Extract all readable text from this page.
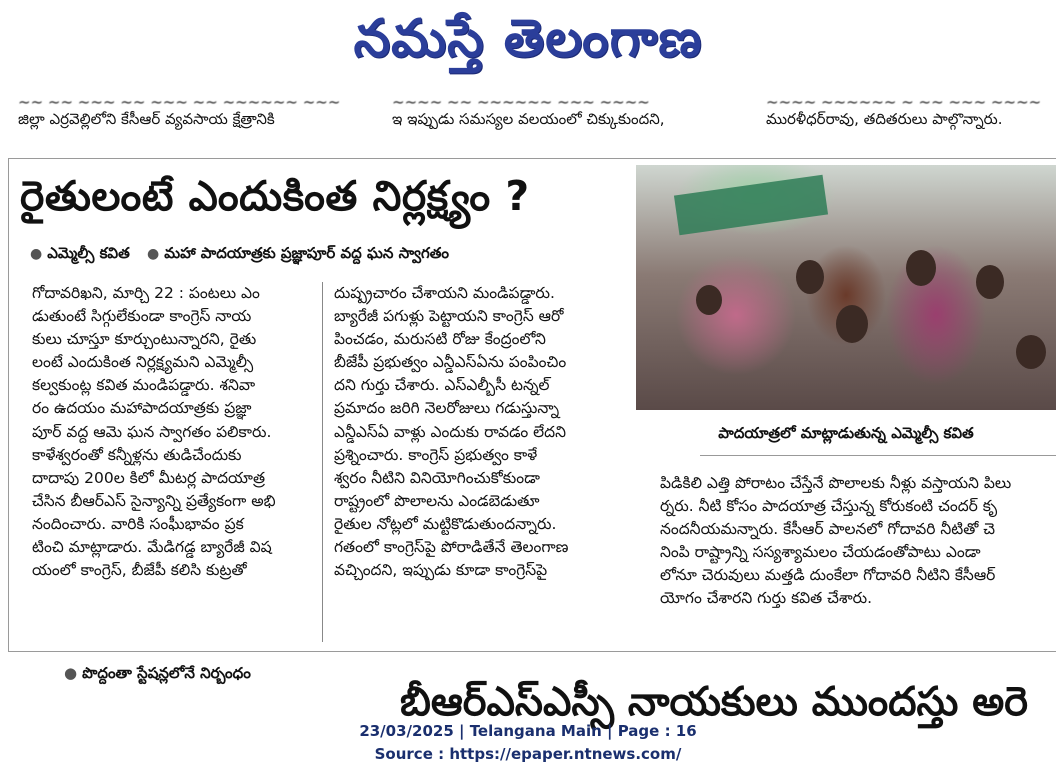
నమస్తే తెలంగాణ
~~ ~~ ~~~ ~~ ~~~ ~~ ~~~~~~ ~~~
జిల్లా ఎర్రవెల్లిలోని కేసీఆర్ వ్యవసాయ క్షేత్రానికి
~~~~ ~~ ~~~~~~ ~~~ ~~~~
ఇ ఇప్పుడు సమస్యల వలయంలో చిక్కుకుందని,
~~~~ ~~~~~~ ~ ~~ ~~~ ~~~~
మురళీధర్‌రావు, తదితరులు పాల్గొన్నారు.
రైతులంటే ఎందుకింత నిర్లక్ష్యం ?
● ఎమ్మెల్సీ కవిత ● మహా పాదయాత్రకు ప్రజ్ఞాపూర్ వద్ద ఘన స్వాగతం
గోదావరిఖని, మార్చి 22 : పంటలు ఎం
డుతుంటే సిగ్గులేకుండా కాంగ్రెస్ నాయ
కులు చూస్తూ కూర్చుంటున్నారని, రైతు
లంటే ఎందుకింత నిర్లక్ష్యమని ఎమ్మెల్సీ
కల్వకుంట్ల కవిత మండిపడ్డారు. శనివా
రం ఉదయం మహాపాదయాత్రకు ప్రజ్ఞా
పూర్ వద్ద ఆమె ఘన స్వాగతం పలికారు.
కాళేశ్వరంతో కన్నీళ్లను తుడిచేందుకు
దాదాపు 200ల కిలో మీటర్ల పాదయాత్ర
చేసిన బీఆర్ఎస్ సైన్యాన్ని ప్రత్యేకంగా అభి
నందించారు. వారికి సంఘీభావం ప్రక
టించి మాట్లాడారు. మేడిగడ్డ బ్యారేజీ విష
యంలో కాంగ్రెస్, బీజేపీ కలిసి కుట్రతో
దుష్ప్రచారం చేశాయని మండిపడ్డారు.
బ్యారేజీ పగుళ్లు పెట్టాయని కాంగ్రెస్ ఆరో
పించడం, మరుసటి రోజు కేంద్రంలోని
బీజేపీ ప్రభుత్వం ఎన్డీఎస్ఏను పంపించిం
దని గుర్తు చేశారు. ఎస్ఎల్బీసీ టన్నల్
ప్రమాదం జరిగి నెలరోజులు గడుస్తున్నా
ఎన్డీఎస్ఏ వాళ్లు ఎందుకు రావడం లేదని
ప్రశ్నించారు. కాంగ్రెస్ ప్రభుత్వం కాళే
శ్వరం నీటిని వినియోగించుకోకుండా
రాష్ట్రంలో పొలాలను ఎండబెడుతూ
రైతుల నోట్లలో మట్టికొడుతుందన్నారు.
గతంలో కాంగ్రెస్‌పై పోరాడితేనే తెలంగాణ
వచ్చిందని, ఇప్పుడు కూడా కాంగ్రెస్‌పై
పాదయాత్రలో మాట్లాడుతున్న ఎమ్మెల్సీ కవిత
పిడికిలి ఎత్తి పోరాటం చేస్తేనే పొలాలకు నీళ్లు వస్తాయని పిలు
ర్నరు. నీటి కోసం పాదయాత్ర చేస్తున్న కోరుకంటి చందర్ కృ
నందనీయమన్నారు. కేసీఆర్ పాలనలో గోదావరి నీటితో చె
నింపి రాష్ట్రాన్ని సస్యశ్యామలం చేయడంతోపాటు ఎండా
లోనూ చెరువులు మత్తడి దుంకేలా గోదావరి నీటిని కేసీఆర్
యోగం చేశారని గుర్తు కవిత చేశారు.
● పొద్దంతా స్టేషన్లలోనే నిర్బంధం
బీఆర్ఎస్ఎస్సీ నాయకులు ముందస్తు అరె
23/03/2025 | Telangana Main | Page : 16
Source : https://epaper.ntnews.com/
